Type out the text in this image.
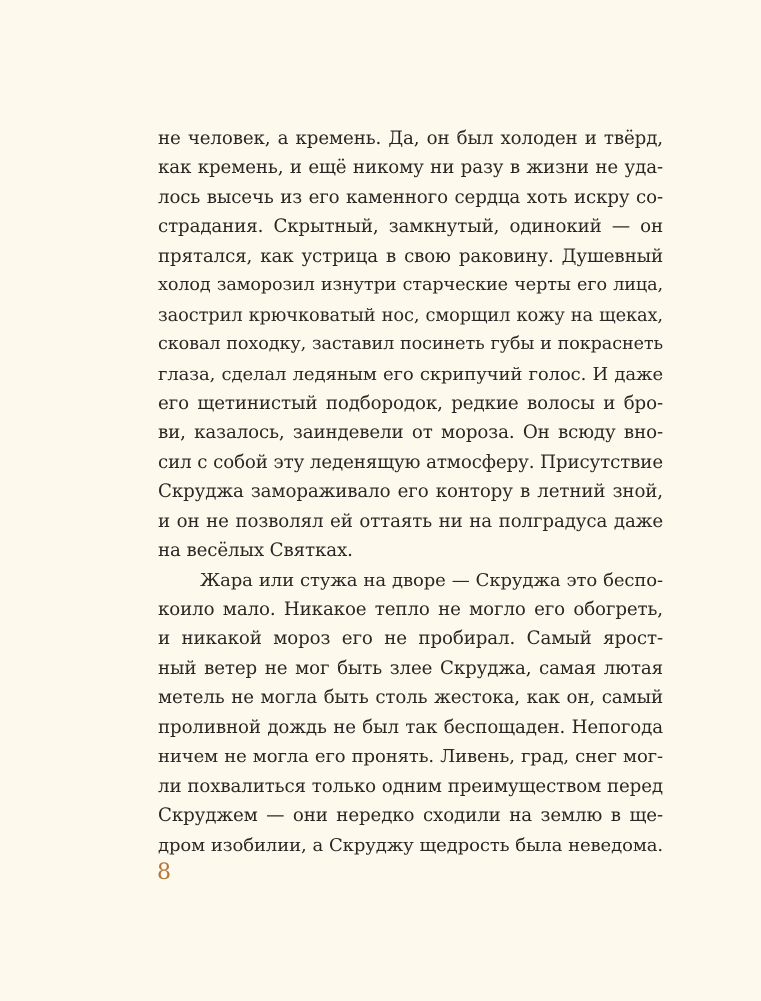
не человек, а кремень. Да, он был холоден и твёрд,
как кремень, и ещё никому ни разу в жизни не уда-
лось высечь из его каменного сердца хоть искру со-
страдания. Скрытный, замкнутый, одинокий — он
прятался, как устрица в свою раковину. Душевный
холод заморозил изнутри старческие черты его лица,
заострил крючковатый нос, сморщил кожу на щеках,
сковал походку, заставил посинеть губы и покраснеть
глаза, сделал ледяным его скрипучий голос. И даже
его щетинистый подбородок, редкие волосы и бро-
ви, казалось, заиндевели от мороза. Он всюду вно-
сил с собой эту леденящую атмосферу. Присутствие
Скруджа замораживало его контору в летний зной,
и он не позволял ей оттаять ни на полградуса даже
на весёлых Святках.
Жара или стужа на дворе — Скруджа это беспо-
коило мало. Никакое тепло не могло его обогреть,
и никакой мороз его не пробирал. Самый ярост-
ный ветер не мог быть злее Скруджа, самая лютая
метель не могла быть столь жестока, как он, самый
проливной дождь не был так беспощаден. Непогода
ничем не могла его пронять. Ливень, град, снег мог-
ли похвалиться только одним преимуществом перед
Скруджем — они нередко сходили на землю в ще-
дром изобилии, а Скруджу щедрость была неведома.
8
